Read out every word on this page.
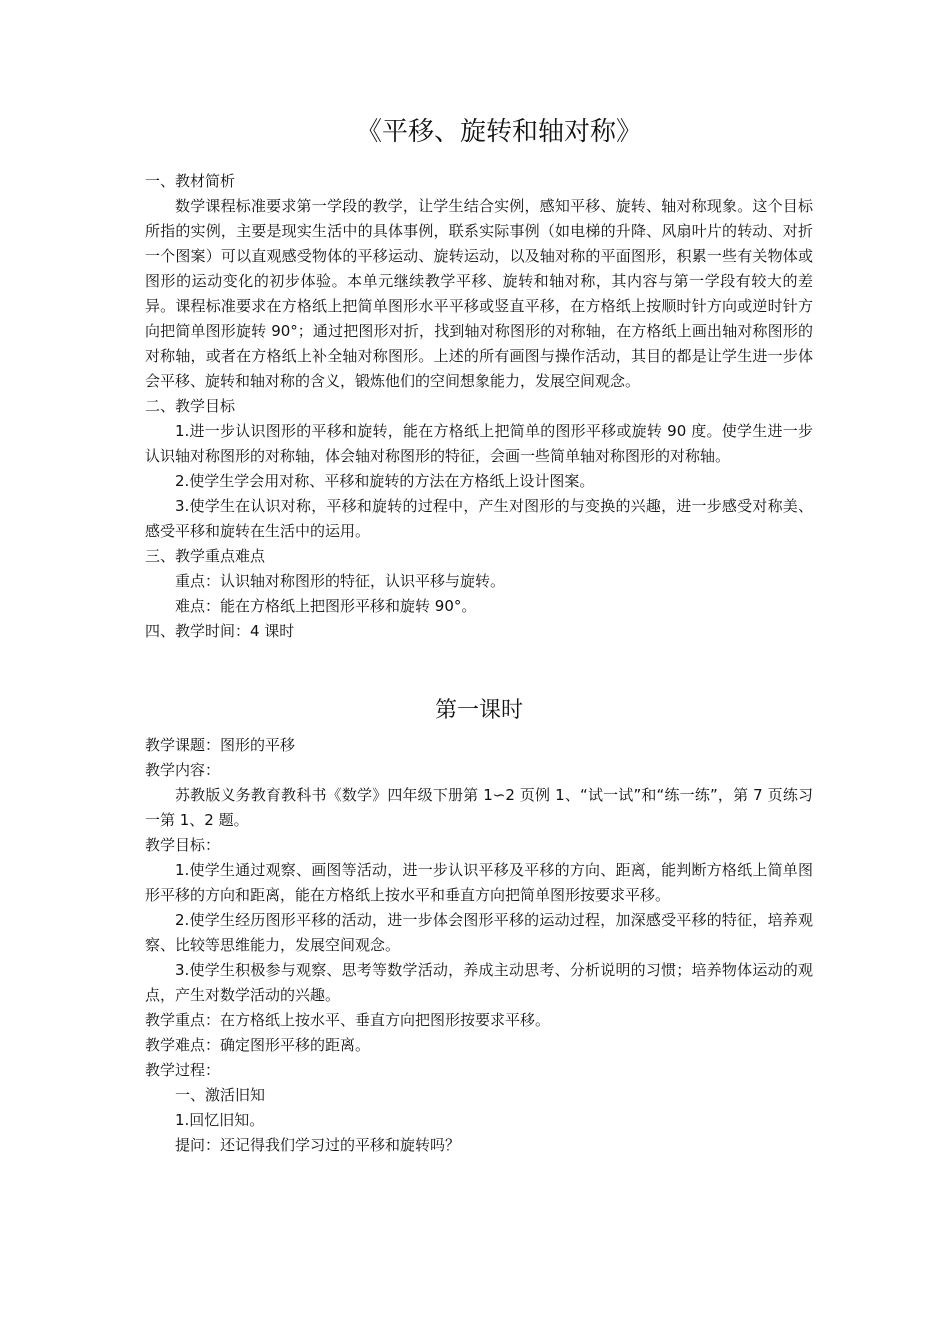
《平移、旋转和轴对称》

一、教材简析

数学课程标准要求第一学段的教学，让学生结合实例，感知平移、旋转、轴对称现象。这个目标所指的实例，主要是现实生活中的具体事例，联系实际事例（如电梯的升降、风扇叶片的转动、对折一个图案）可以直观感受物体的平移运动、旋转运动，以及轴对称的平面图形，积累一些有关物体或图形的运动变化的初步体验。本单元继续教学平移、旋转和轴对称，其内容与第一学段有较大的差异。课程标准要求在方格纸上把简单图形水平平移或竖直平移，在方格纸上按顺时针方向或逆时针方向把简单图形旋转 90°；通过把图形对折，找到轴对称图形的对称轴，在方格纸上画出轴对称图形的对称轴，或者在方格纸上补全轴对称图形。上述的所有画图与操作活动，其目的都是让学生进一步体会平移、旋转和轴对称的含义，锻炼他们的空间想象能力，发展空间观念。

二、教学目标

1.进一步认识图形的平移和旋转，能在方格纸上把简单的图形平移或旋转 90 度。使学生进一步认识轴对称图形的对称轴，体会轴对称图形的特征，会画一些简单轴对称图形的对称轴。

2.使学生学会用对称、平移和旋转的方法在方格纸上设计图案。

3.使学生在认识对称，平移和旋转的过程中，产生对图形的与变换的兴趣，进一步感受对称美、感受平移和旋转在生活中的运用。

三、教学重点难点

重点：认识轴对称图形的特征，认识平移与旋转。

难点：能在方格纸上把图形平移和旋转 90°。

四、教学时间：4 课时

第一课时

教学课题：图形的平移

教学内容：

苏教版义务教育教科书《数学》四年级下册第 1∽2 页例 1、“试一试”和“练一练”，第 7 页练习一第 1、2 题。

教学目标：

1.使学生通过观察、画图等活动，进一步认识平移及平移的方向、距离，能判断方格纸上简单图形平移的方向和距离，能在方格纸上按水平和垂直方向把简单图形按要求平移。

2.使学生经历图形平移的活动，进一步体会图形平移的运动过程，加深感受平移的特征，培养观察、比较等思维能力，发展空间观念。

3.使学生积极参与观察、思考等数学活动，养成主动思考、分析说明的习惯；培养物体运动的观点，产生对数学活动的兴趣。

教学重点：在方格纸上按水平、垂直方向把图形按要求平移。

教学难点：确定图形平移的距离。

教学过程：

一、激活旧知

1.回忆旧知。

提问：还记得我们学习过的平移和旋转吗？
